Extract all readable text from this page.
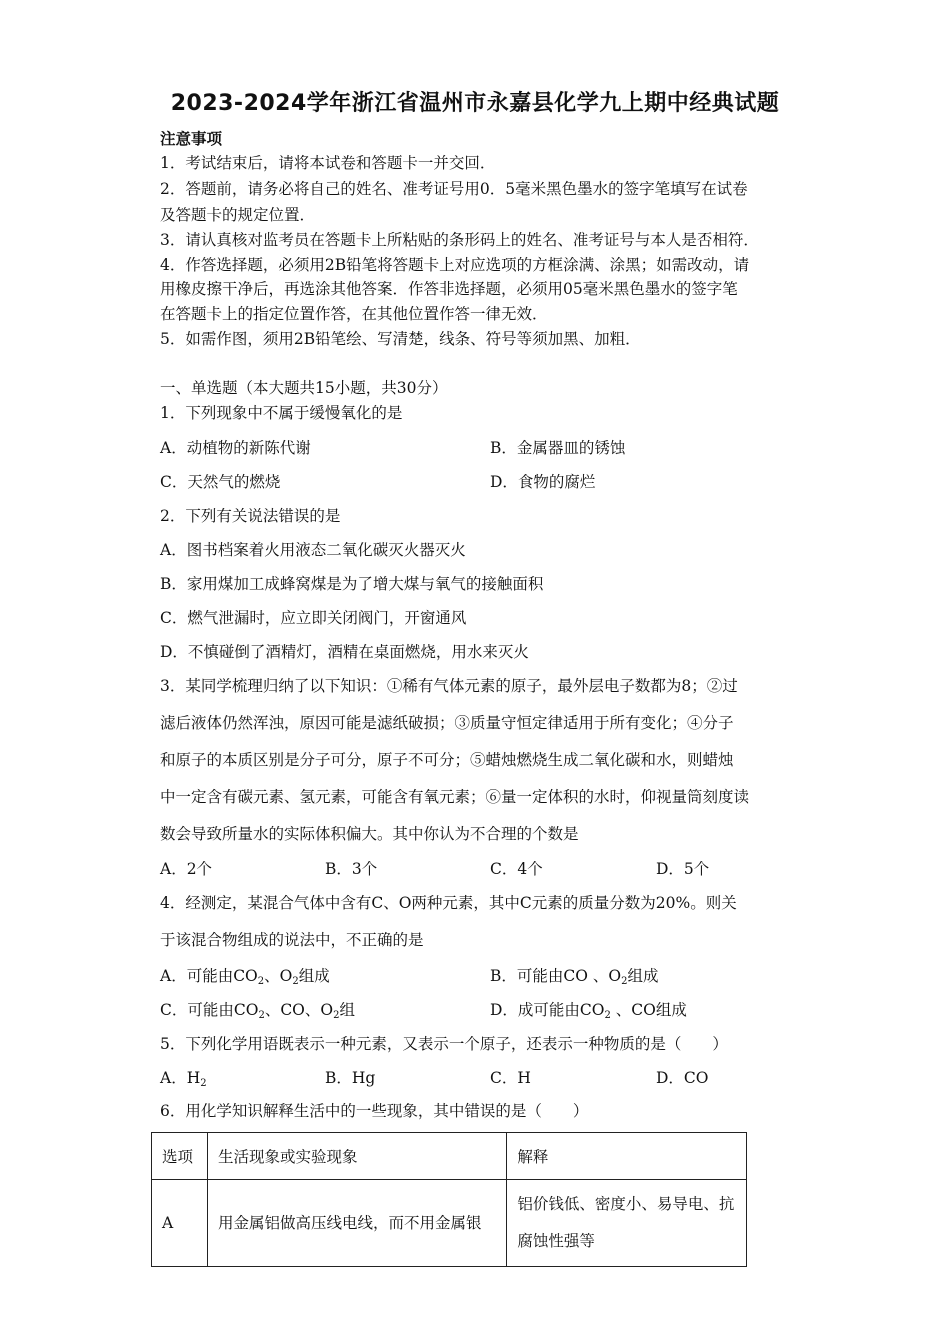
2023-2024学年浙江省温州市永嘉县化学九上期中经典试题
注意事项
1．考试结束后，请将本试卷和答题卡一并交回．
2．答题前，请务必将自己的姓名、准考证号用0．5毫米黑色墨水的签字笔填写在试卷
及答题卡的规定位置．
3．请认真核对监考员在答题卡上所粘贴的条形码上的姓名、准考证号与本人是否相符．
4．作答选择题，必须用2B铅笔将答题卡上对应选项的方框涂满、涂黑；如需改动，请
用橡皮擦干净后，再选涂其他答案．作答非选择题，必须用05毫米黑色墨水的签字笔
在答题卡上的指定位置作答，在其他位置作答一律无效．
5．如需作图，须用2B铅笔绘、写清楚，线条、符号等须加黑、加粗．
一、单选题（本大题共15小题，共30分）
1．下列现象中不属于缓慢氧化的是
A．动植物的新陈代谢	B．金属器皿的锈蚀
C．天然气的燃烧	D．食物的腐烂
2．下列有关说法错误的是
A．图书档案着火用液态二氧化碳灭火器灭火
B．家用煤加工成蜂窝煤是为了增大煤与氧气的接触面积
C．燃气泄漏时，应立即关闭阀门，开窗通风
D．不慎碰倒了酒精灯，酒精在桌面燃烧，用水来灭火
3．某同学梳理归纳了以下知识：①稀有气体元素的原子，最外层电子数都为8；②过
滤后液体仍然浑浊，原因可能是滤纸破损；③质量守恒定律适用于所有变化；④分子
和原子的本质区别是分子可分，原子不可分；⑤蜡烛燃烧生成二氧化碳和水，则蜡烛
中一定含有碳元素、氢元素，可能含有氧元素；⑥量一定体积的水时，仰视量筒刻度读
数会导致所量水的实际体积偏大。其中你认为不合理的个数是
A．2个	B．3个	C．4个	D．5个
4．经测定，某混合气体中含有C、O两种元素，其中C元素的质量分数为20%。则关
于该混合物组成的说法中，不正确的是
A．可能由$CO_2$、$O_2$组成	B．可能由CO 、$O_2$组成
C．可能由$CO_2$、CO、$O_2$组	D．成可能由$CO_2$ 、CO组成
5．下列化学用语既表示一种元素，又表示一个原子，还表示一种物质的是（　　）
A．$H_2$	B．Hg	C．H	D．CO
6．用化学知识解释生活中的一些现象，其中错误的是（　　）
选项	生活现象或实验现象	解释
A	用金属铝做高压线电线，而不用金属银	铝价钱低、密度小、易导电、抗腐蚀性强等
